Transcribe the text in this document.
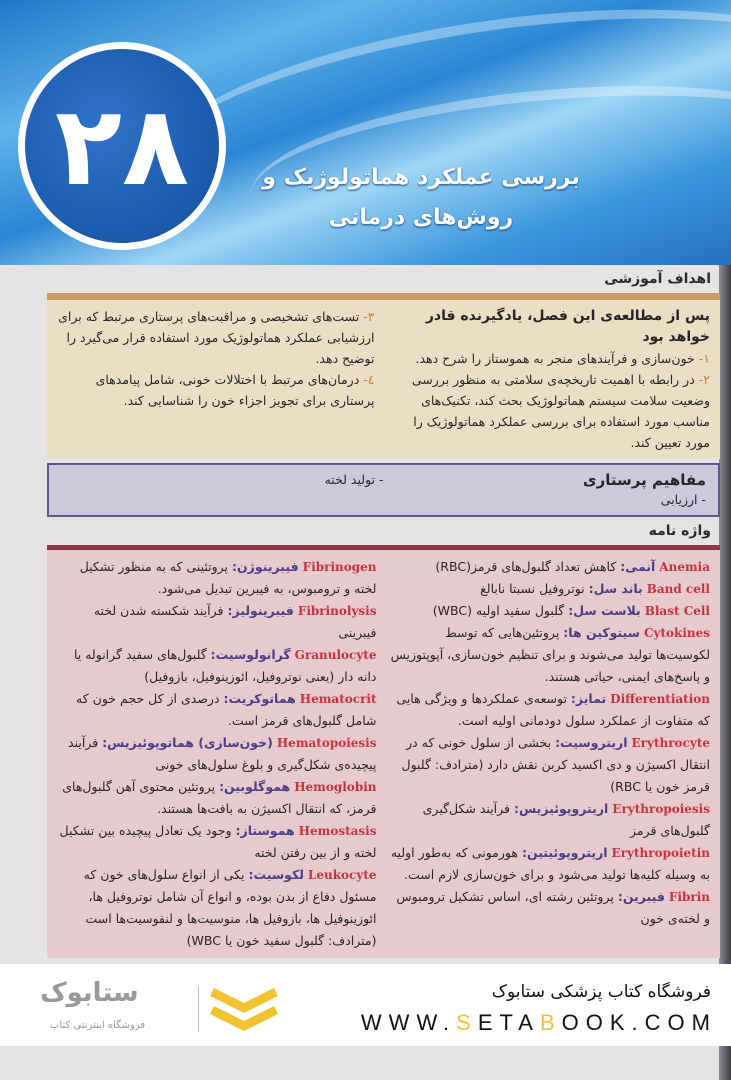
۲۸	بررسی عملکرد هماتولوژیک و روش‌های درمانی
اهداف آموزشی
پس از مطالعه‌ی این فصل، یادگیرنده قادر خواهد بود
۱- خون‌سازی و فرآیندهای منجر به هموستاز را شرح دهد.
۲- در رابطه با اهمیت تاریخچه‌ی سلامتی به منظور بررسی وضعیت سلامت سیستم هماتولوژیک بحث کند، تکنیک‌های مناسب مورد استفاده برای بررسی عملکرد هماتولوژیک را مورد تعیین کند.
۳- تست‌های تشخیصی و مراقبت‌های پرستاری مرتبط که برای ارزشیابی عملکرد هماتولوژیک مورد استفاده قرار می‌گیرد را توضیح دهد.
٤- درمان‌های مرتبط با اختلالات خونی، شامل پیامدهای پرستاری برای تجویز اجزاء خون را شناسایی کند.
مفاهیم پرستاری
- تولید لخته
- ارزیابی
واژه نامه
Anemia آنمی: کاهش تعداد گلبول‌های قرمز(RBC)
Band cell باند سل: نوتروفیل نسبتا نابالغ
Blast Cell بلاست سل: گلبول سفید اولیه (WBC)
Cytokines سیتوکین ها: پروتئین‌هایی که توسط لکوسیت‌ها تولید می‌شوند و برای تنظیم خون‌سازی، آپوپتوزیس و پاسخ‌های ایمنی، حیاتی هستند.
Differentiation تمایز: توسعه‌ی عملکردها و ویژگی هایی که متفاوت از عملکرد سلول دودمانی اولیه است.
Erythrocyte اریتروسیت: بخشی از سلول خونی که در انتقال اکسیژن و دی اکسید کربن نقش دارد (مترادف: گلبول قرمز خون یا RBC)
Erythropoiesis اریتروپوئیزیس: فرآیند شکل‌گیری گلبول‌های قرمز
Erythropoietin اریتروپوئیتین: هورمونی که به‌طور اولیه به وسیله کلیه‌ها تولید می‌شود و برای خون‌سازی لازم است.
Fibrin فیبرین: پروتئین رشته ای، اساس تشکیل ترومبوس و لخته‌ی خون
Fibrinogen فیبرینوژن: پروتئینی که به منظور تشکیل لخته و ترومبوس، به فیبرین تبدیل می‌شود.
Fibrinolysis فیبرینولیز: فرآیند شکسته شدن لخته فیبرینی
Granulocyte گرانولوسیت: گلبول‌های سفید گرانوله یا دانه دار (یعنی نوتروفیل، ائوزینوفیل، بازوفیل)
Hematocrit هماتوکریت: درصدی از کل حجم خون که شامل گلبول‌های قرمز است.
Hematopoiesis (خون‌سازی) هماتوپوئیزیس: فرآیند پیچیده‌ی شکل‌گیری و بلوغ سلول‌های خونی
Hemoglobin هموگلوبین: پروتئین محتوی آهن گلبول‌های قرمز، که انتقال اکسیژن به بافت‌ها هستند.
Hemostasis هموستاز: وجود یک تعادل پیچیده بین تشکیل لخته و از بین رفتن لخته
Leukocyte لکوسیت: یکی از انواع سلول‌های خون که مسئول دفاع از بدن بوده، و انواع آن شامل نوتروفیل ها، ائوزینوفیل ها، بازوفیل ها، منوسیت‌ها و لنفوسیت‌ها است (مترادف: گلبول سفید خون یا WBC)
فروشگاه کتاب پزشکی ستابوک
WWW.SETABOOK.COM
ستابوک
فروشگاه اینترنتی کتاب
